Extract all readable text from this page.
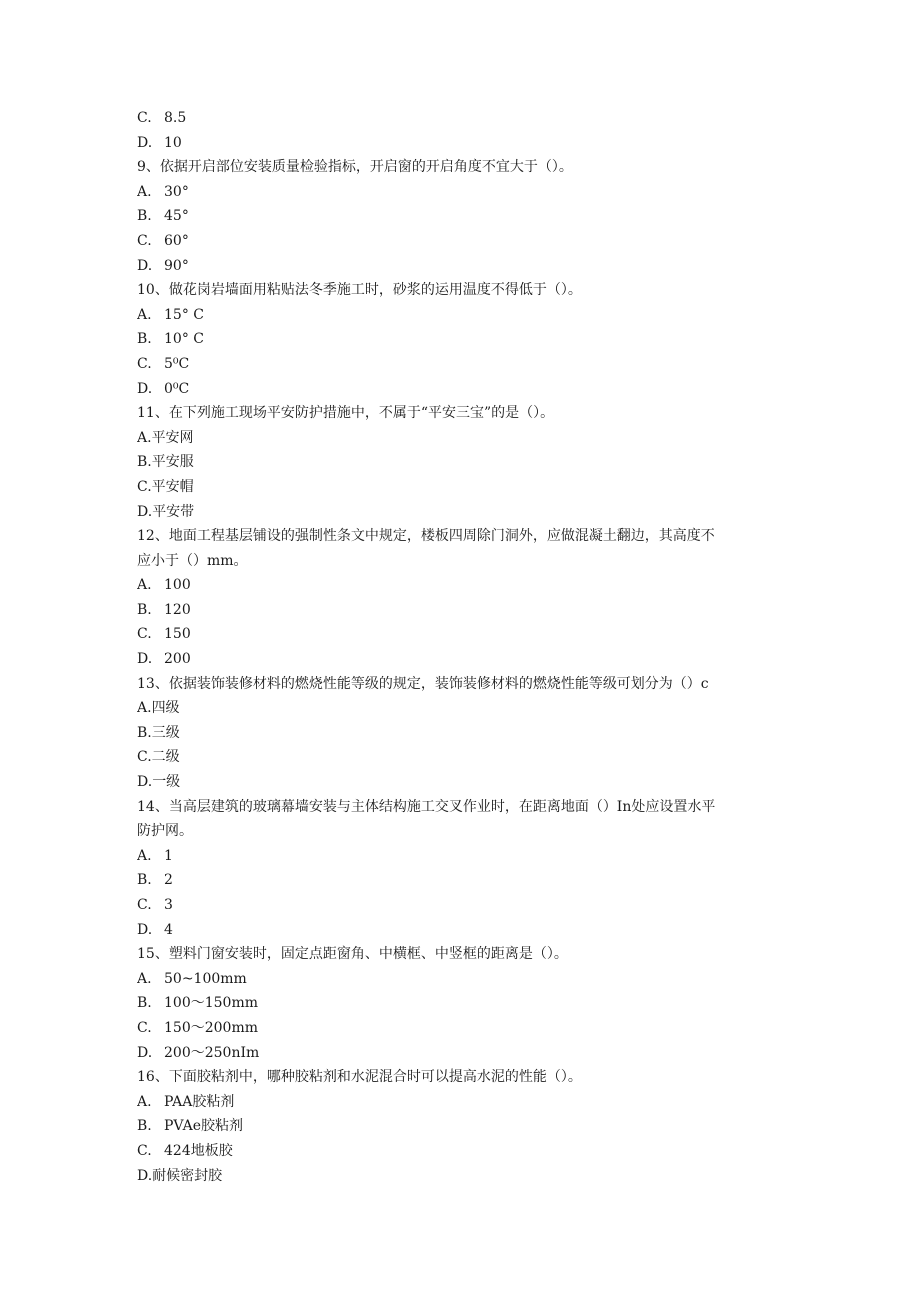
C. 8.5
D. 10
9、依据开启部位安装质量检验指标，开启窗的开启角度不宜大于（）。
A. 30°
B. 45°
C. 60°
D. 90°
10、做花岗岩墙面用粘贴法冬季施工时，砂浆的运用温度不得低于（）。
A. 15° C
B. 10° C
C. 5⁰C
D. 0⁰C
11、在下列施工现场平安防护措施中，不属于“平安三宝”的是（）。
A. 平安网
B. 平安服
C. 平安帽
D. 平安带
12、地面工程基层铺设的强制性条文中规定，楼板四周除门洞外，应做混凝土翻边，其高度不
应小于（）mm。
A. 100
B. 120
C. 150
D. 200
13、依据装饰装修材料的燃烧性能等级的规定，装饰装修材料的燃烧性能等级可划分为（）c
A. 四级
B. 三级
C. 二级
D. 一级
14、当高层建筑的玻璃幕墙安装与主体结构施工交叉作业时，在距离地面（）In处应设置水平
防护网。
A. 1
B. 2
C. 3
D. 4
15、塑料门窗安装时，固定点距窗角、中横框、中竖框的距离是（）。
A. 50~100mm
B. 100～150mm
C. 150～200mm
D. 200～250nIm
16、下面胶粘剂中，哪种胶粘剂和水泥混合时可以提高水泥的性能（）。
A. PAA胶粘剂
B. PVAe胶粘剂
C. 424地板胶
D. 耐候密封胶
